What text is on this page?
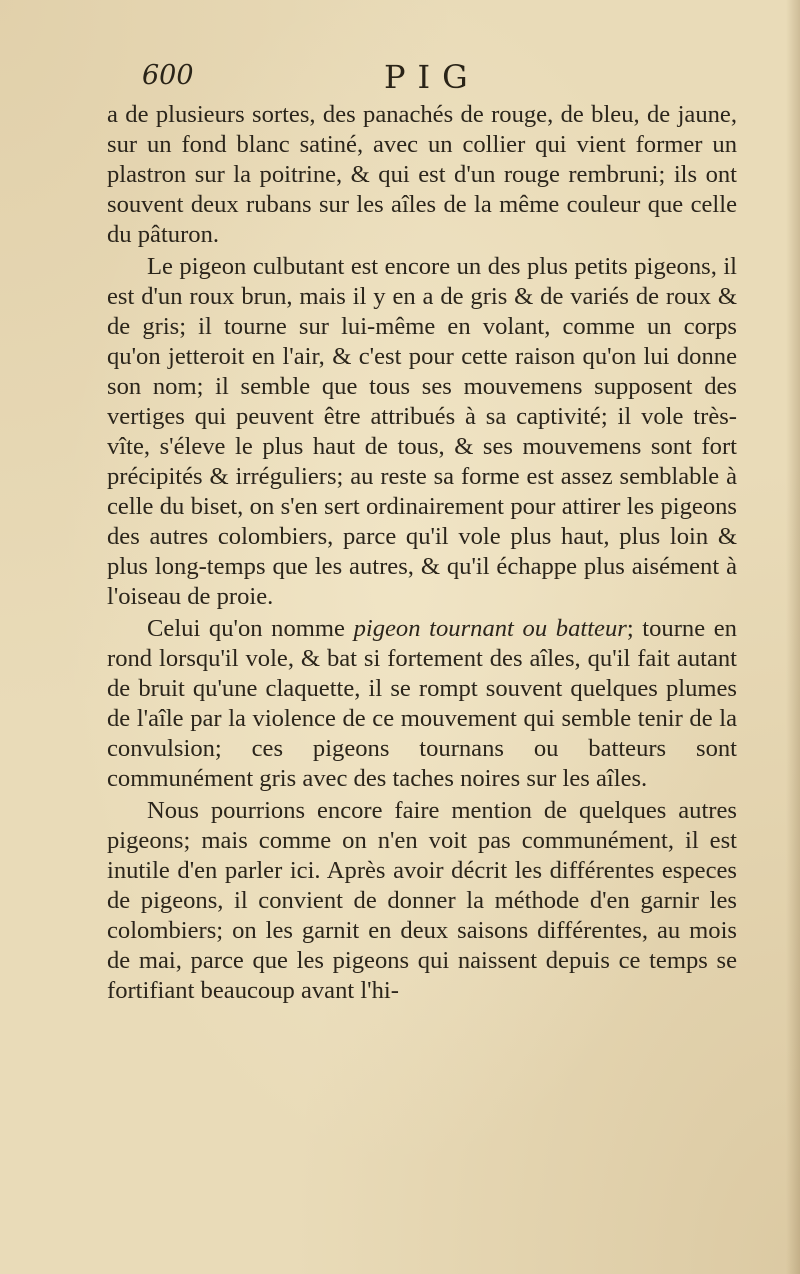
600	PIG

a de plusieurs sortes, des panachés de rouge, de bleu, de jaune, sur un fond blanc satiné, avec un collier qui vient former un plastron sur la poitrine, & qui est d'un rouge rembruni; ils ont souvent deux rubans sur les aîles de la même couleur que celle du pâturon.

Le pigeon culbutant est encore un des plus petits pigeons, il est d'un roux brun, mais il y en a de gris & de variés de roux & de gris; il tourne sur lui-même en volant, comme un corps qu'on jetteroit en l'air, & c'est pour cette raison qu'on lui donne son nom; il semble que tous ses mouvemens supposent des vertiges qui peuvent être attribués à sa captivité; il vole très-vîte, s'éleve le plus haut de tous, & ses mouvemens sont fort précipités & irréguliers; au reste sa forme est assez semblable à celle du biset, on s'en sert ordinairement pour attirer les pigeons des autres colombiers, parce qu'il vole plus haut, plus loin & plus long-temps que les autres, & qu'il échappe plus aisément à l'oiseau de proie.

Celui qu'on nomme pigeon tournant ou batteur; tourne en rond lorsqu'il vole, & bat si fortement des aîles, qu'il fait autant de bruit qu'une claquette, il se rompt souvent quelques plumes de l'aîle par la violence de ce mouvement qui semble tenir de la convulsion; ces pigeons tournans ou batteurs sont communément gris avec des taches noires sur les aîles.

Nous pourrions encore faire mention de quelques autres pigeons; mais comme on n'en voit pas communément, il est inutile d'en parler ici. Après avoir décrit les différentes especes de pigeons, il convient de donner la méthode d'en garnir les colombiers; on les garnit en deux saisons différentes, au mois de mai, parce que les pigeons qui naissent depuis ce temps se fortifiant beaucoup avant l'hi-
